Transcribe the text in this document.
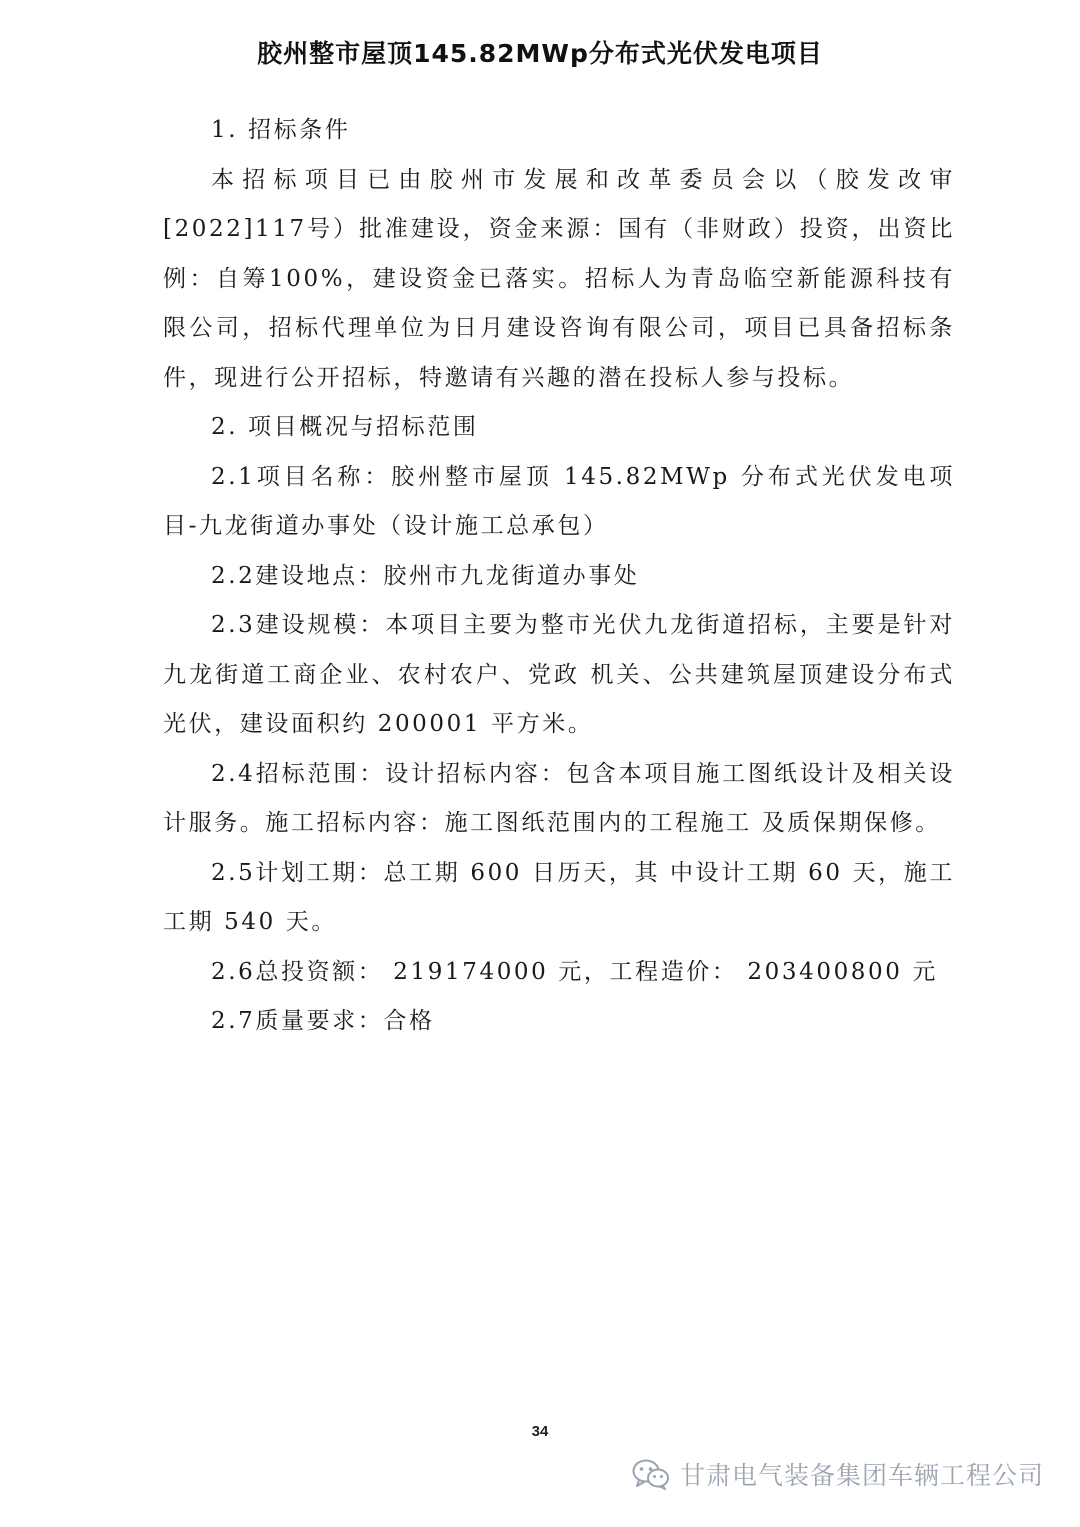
胶州整市屋顶145.82MWp分布式光伏发电项目

1. 招标条件

本招标项目已由胶州市发展和改革委员会以（胶发改审[2022]117号）批准建设，资金来源：国有（非财政）投资，出资比例：自筹100%，建设资金已落实。招标人为青岛临空新能源科技有限公司，招标代理单位为日月建设咨询有限公司，项目已具备招标条件，现进行公开招标，特邀请有兴趣的潜在投标人参与投标。

2. 项目概况与招标范围

2.1项目名称：胶州整市屋顶 145.82MWp 分布式光伏发电项目-九龙街道办事处（设计施工总承包）

2.2建设地点：胶州市九龙街道办事处

2.3建设规模：本项目主要为整市光伏九龙街道招标，主要是针对九龙街道工商企业、农村农户、党政 机关、公共建筑屋顶建设分布式光伏，建设面积约 200001 平方米。

2.4招标范围：设计招标内容：包含本项目施工图纸设计及相关设计服务。施工招标内容：施工图纸范围内的工程施工 及质保期保修。

2.5计划工期：总工期 600 日历天，其 中设计工期 60 天，施工工期 540 天。

2.6总投资额： 219174000 元，工程造价： 203400800 元

2.7质量要求：合格

34
甘肃电气装备集团车辆工程公司
